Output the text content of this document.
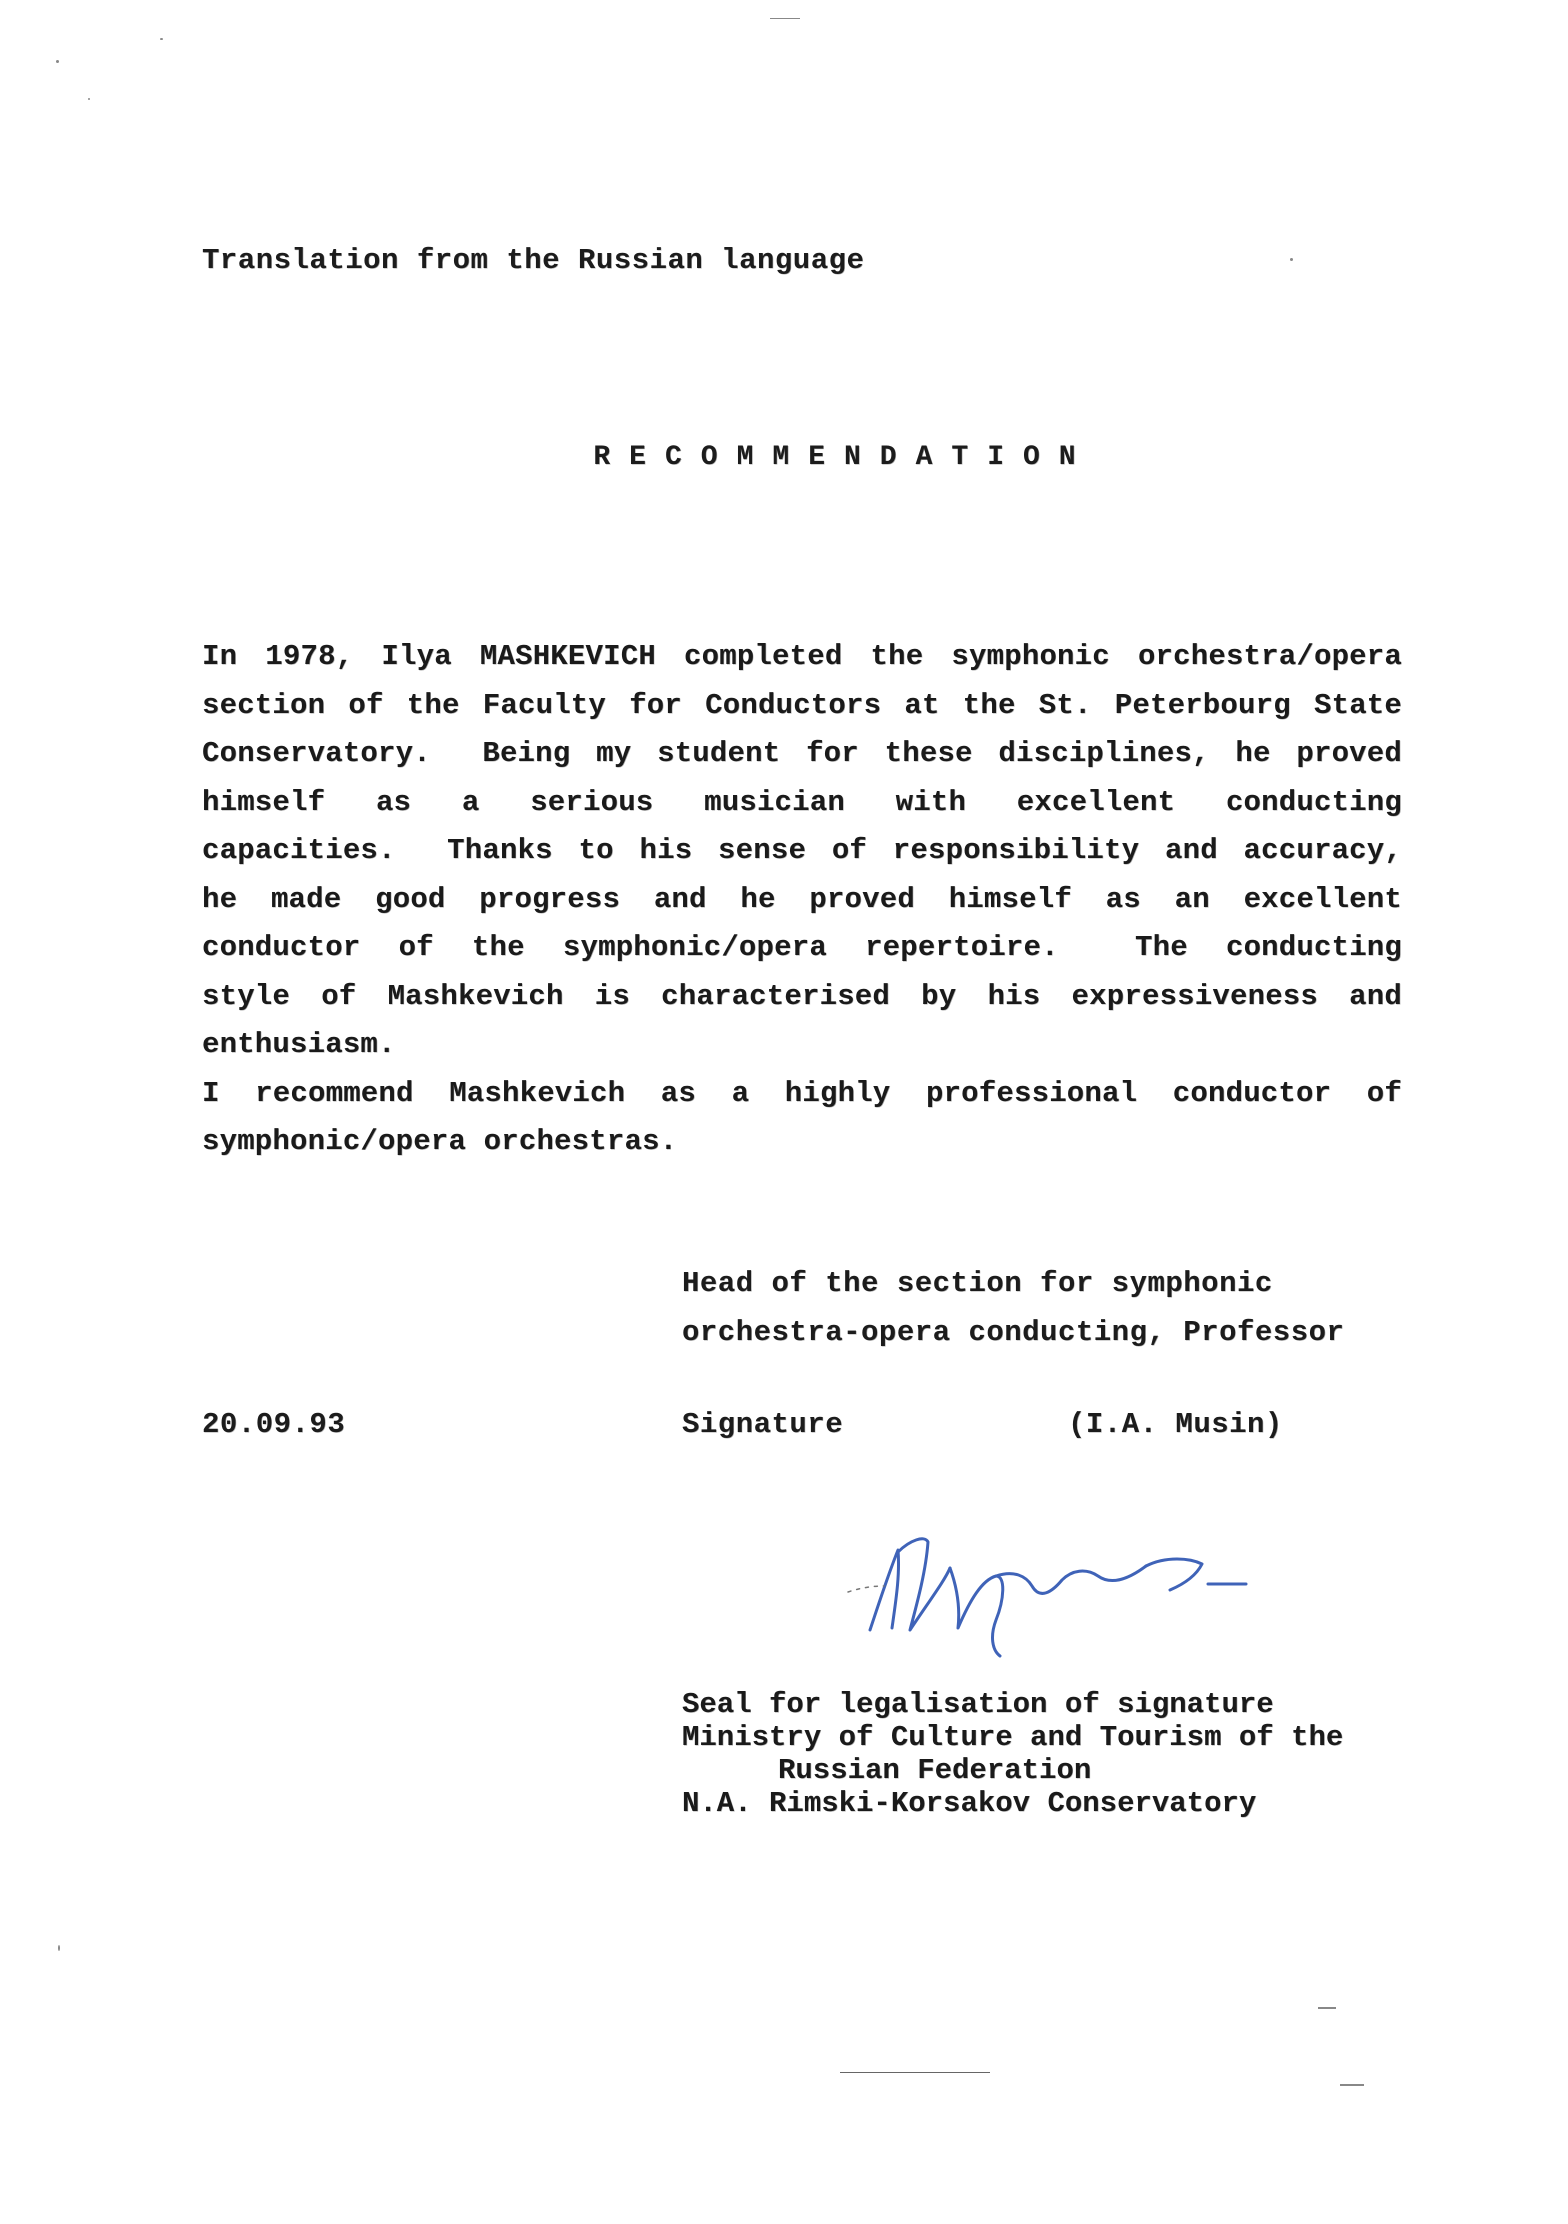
Translation from the Russian language
RECOMMENDATION
In 1978, Ilya MASHKEVICH completed the symphonic orchestra/opera
section of the Faculty for Conductors at the St. Peterbourg State
Conservatory.  Being my student for these disciplines, he proved
himself  as  a  serious  musician  with  excellent  conducting
capacities.  Thanks to his sense of responsibility and accuracy,
he made good progress and he proved himself as an excellent
conductor of the symphonic/opera repertoire.  The conducting
style of Mashkevich is characterised by his expressiveness and
enthusiasm.
I recommend Mashkevich as a highly professional conductor of
symphonic/opera orchestras.
Head of the section for symphonic
orchestra-opera conducting, Professor
20.09.93	Signature	(I.A. Musin)
Seal for legalisation of signature
Ministry of Culture and Tourism of the
Russian Federation
N.A. Rimski-Korsakov Conservatory
